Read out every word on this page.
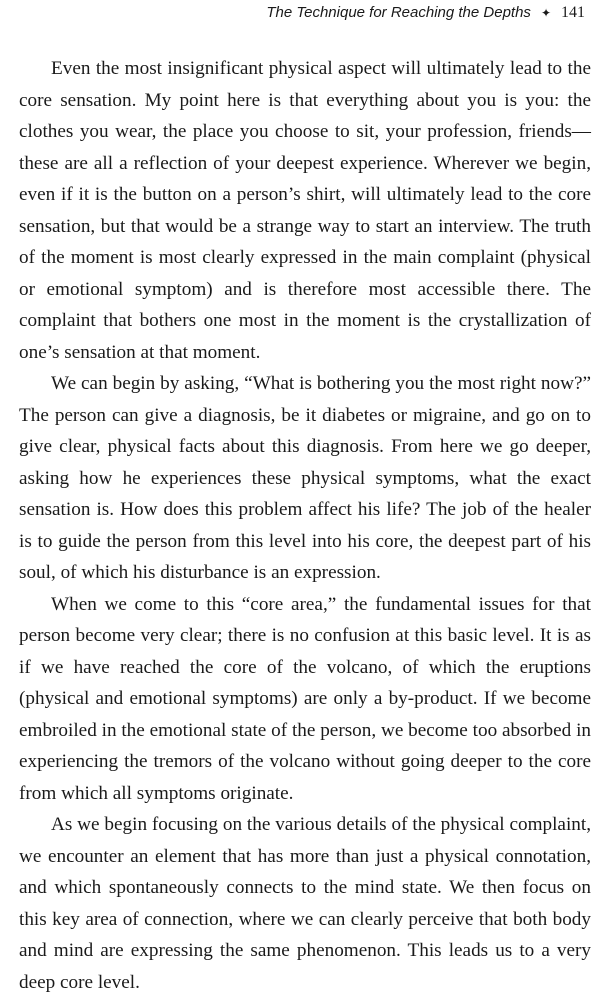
The Technique for Reaching the Depths ✦ 141

Even the most insignificant physical aspect will ultimately lead to the core sensation. My point here is that everything about you is you: the clothes you wear, the place you choose to sit, your profession, friends—these are all a reflection of your deepest experience. Wherever we begin, even if it is the button on a person’s shirt, will ultimately lead to the core sensation, but that would be a strange way to start an interview. The truth of the moment is most clearly expressed in the main complaint (physical or emotional symptom) and is therefore most accessible there. The complaint that bothers one most in the moment is the crystallization of one’s sensation at that moment.

We can begin by asking, “What is bothering you the most right now?” The person can give a diagnosis, be it diabetes or migraine, and go on to give clear, physical facts about this diagnosis. From here we go deeper, asking how he experiences these physical symptoms, what the exact sensation is. How does this problem affect his life? The job of the healer is to guide the person from this level into his core, the deepest part of his soul, of which his disturbance is an expression.

When we come to this “core area,” the fundamental issues for that person become very clear; there is no confusion at this basic level. It is as if we have reached the core of the volcano, of which the eruptions (physical and emotional symptoms) are only a by-product. If we become embroiled in the emotional state of the person, we become too absorbed in experiencing the tremors of the volcano without going deeper to the core from which all symptoms originate.

As we begin focusing on the various details of the physical complaint, we encounter an element that has more than just a physical connotation, and which spontaneously connects to the mind state. We then focus on this key area of connection, where we can clearly perceive that both body and mind are expressing the same phenomenon. This leads us to a very deep core level.
